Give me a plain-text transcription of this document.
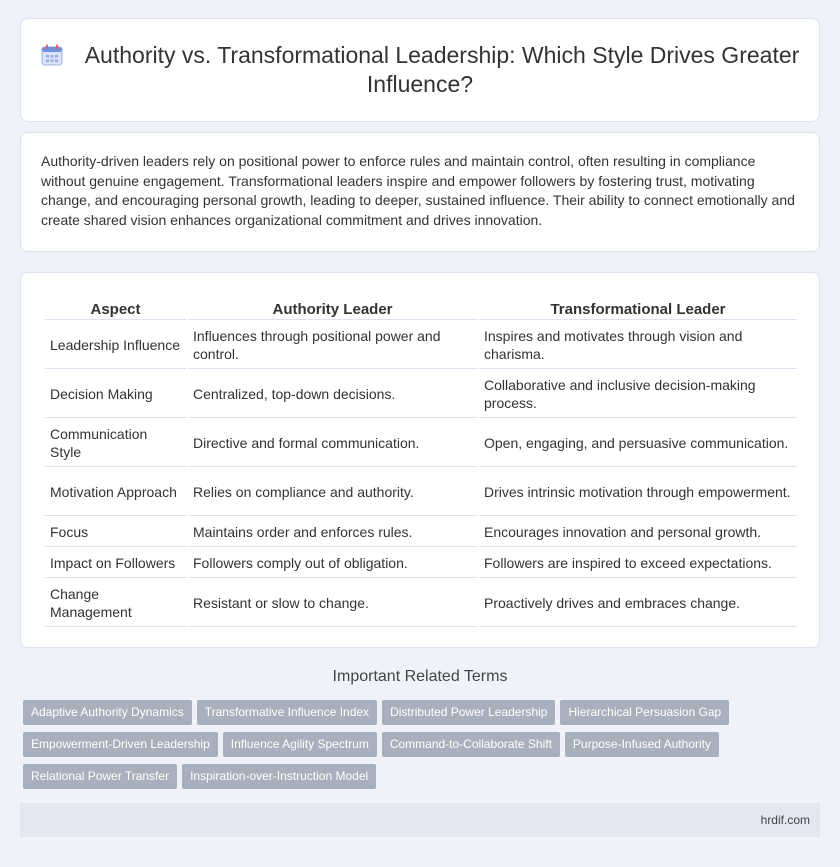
Authority vs. Transformational Leadership: Which Style Drives Greater Influence?

Authority-driven leaders rely on positional power to enforce rules and maintain control, often resulting in compliance without genuine engagement. Transformational leaders inspire and empower followers by fostering trust, motivating change, and encouraging personal growth, leading to deeper, sustained influence. Their ability to connect emotionally and create shared vision enhances organizational commitment and drives innovation.

Aspect	Authority Leader	Transformational Leader
Leadership Influence	Influences through positional power and control.	Inspires and motivates through vision and charisma.
Decision Making	Centralized, top-down decisions.	Collaborative and inclusive decision-making process.
Communication Style	Directive and formal communication.	Open, engaging, and persuasive communication.
Motivation Approach	Relies on compliance and authority.	Drives intrinsic motivation through empowerment.
Focus	Maintains order and enforces rules.	Encourages innovation and personal growth.
Impact on Followers	Followers comply out of obligation.	Followers are inspired to exceed expectations.
Change Management	Resistant or slow to change.	Proactively drives and embraces change.
Important Related Terms
Adaptive Authority Dynamics Transformative Influence Index Distributed Power Leadership Hierarchical Persuasion Gap
Empowerment-Driven Leadership Influence Agility Spectrum Command-to-Collaborate Shift Purpose-Infused Authority
Relational Power Transfer Inspiration-over-Instruction Model
hrdif.com
